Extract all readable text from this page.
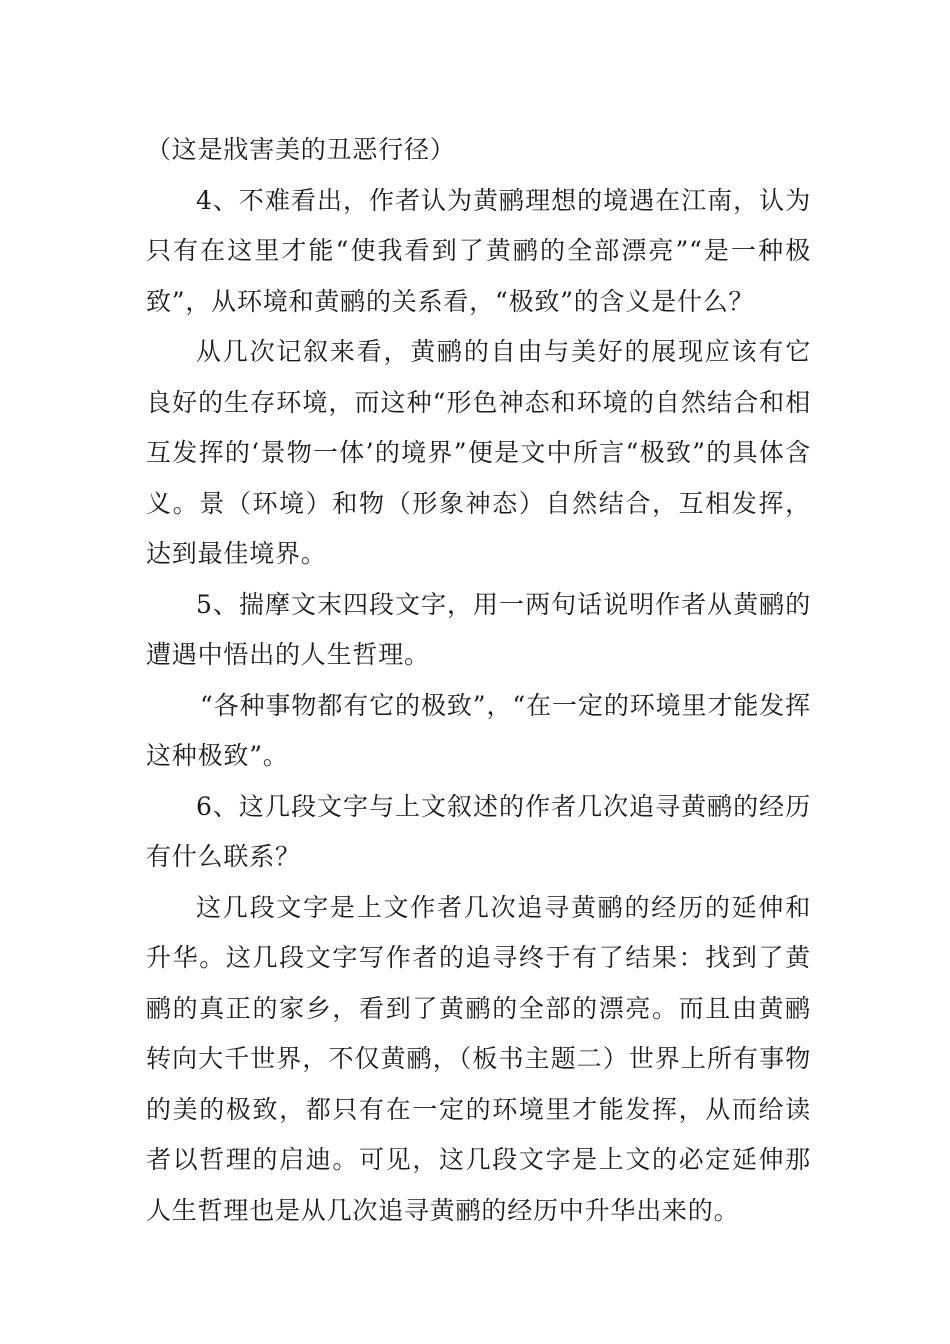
（这是戕害美的丑恶行径）

4、不难看出，作者认为黄鹂理想的境遇在江南，认为只有在这里才能“使我看到了黄鹂的全部漂亮”“是一种极致”，从环境和黄鹂的关系看，“极致”的含义是什么？

从几次记叙来看，黄鹂的自由与美好的展现应该有它良好的生存环境，而这种“形色神态和环境的自然结合和相互发挥的‘景物一体’的境界”便是文中所言“极致”的具体含义。景（环境）和物（形象神态）自然结合，互相发挥，达到最佳境界。

5、揣摩文末四段文字，用一两句话说明作者从黄鹂的遭遇中悟出的人生哲理。

“各种事物都有它的极致”，“在一定的环境里才能发挥这种极致”。

6、这几段文字与上文叙述的作者几次追寻黄鹂的经历有什么联系？

这几段文字是上文作者几次追寻黄鹂的经历的延伸和升华。这几段文字写作者的追寻终于有了结果：找到了黄鹂的真正的家乡，看到了黄鹂的全部的漂亮。而且由黄鹂转向大千世界，不仅黄鹂，（板书主题二）世界上所有事物的美的极致，都只有在一定的环境里才能发挥，从而给读者以哲理的启迪。可见，这几段文字是上文的必定延伸那人生哲理也是从几次追寻黄鹂的经历中升华出来的。
